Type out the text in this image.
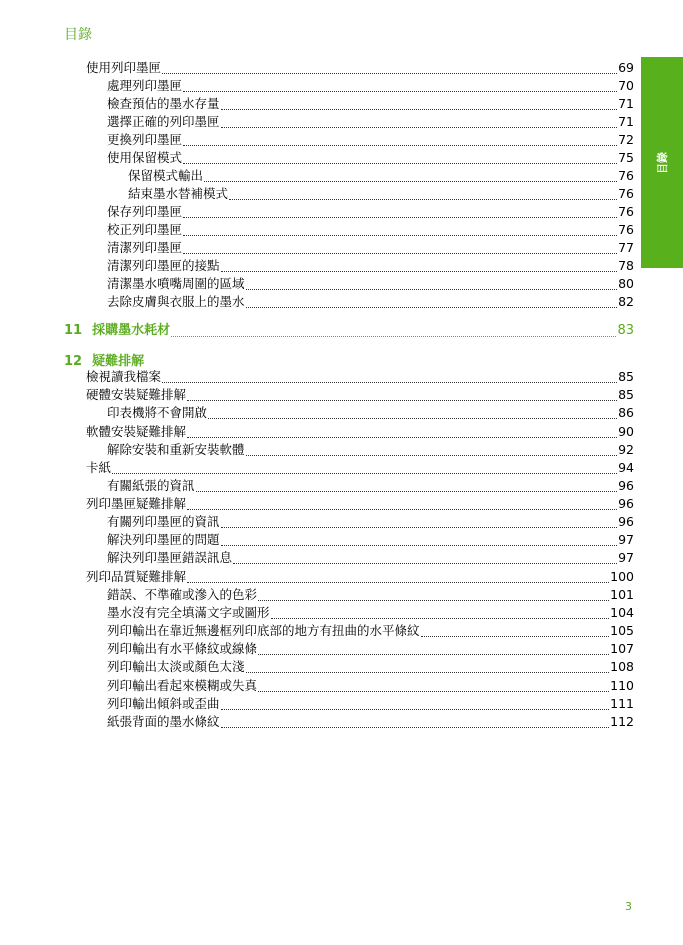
目錄
目錄
使用列印墨匣	69
處理列印墨匣	70
檢查預估的墨水存量	71
選擇正確的列印墨匣	71
更換列印墨匣	72
使用保留模式	75
保留模式輸出	76
結束墨水替補模式	76
保存列印墨匣	76
校正列印墨匣	76
清潔列印墨匣	77
清潔列印墨匣的接點	78
清潔墨水噴嘴周圍的區域	80
去除皮膚與衣服上的墨水	82
11 採購墨水耗材	83
12 疑難排解
檢視讀我檔案	85
硬體安裝疑難排解	85
印表機將不會開啟	86
軟體安裝疑難排解	90
解除安裝和重新安裝軟體	92
卡紙	94
有關紙張的資訊	96
列印墨匣疑難排解	96
有關列印墨匣的資訊	96
解決列印墨匣的問題	97
解決列印墨匣錯誤訊息	97
列印品質疑難排解	100
錯誤、不準確或滲入的色彩	101
墨水沒有完全填滿文字或圖形	104
列印輸出在靠近無邊框列印底部的地方有扭曲的水平條紋	105
列印輸出有水平條紋或線條	107
列印輸出太淡或顏色太淺	108
列印輸出看起來模糊或失真	110
列印輸出傾斜或歪曲	111
紙張背面的墨水條紋	112
3
